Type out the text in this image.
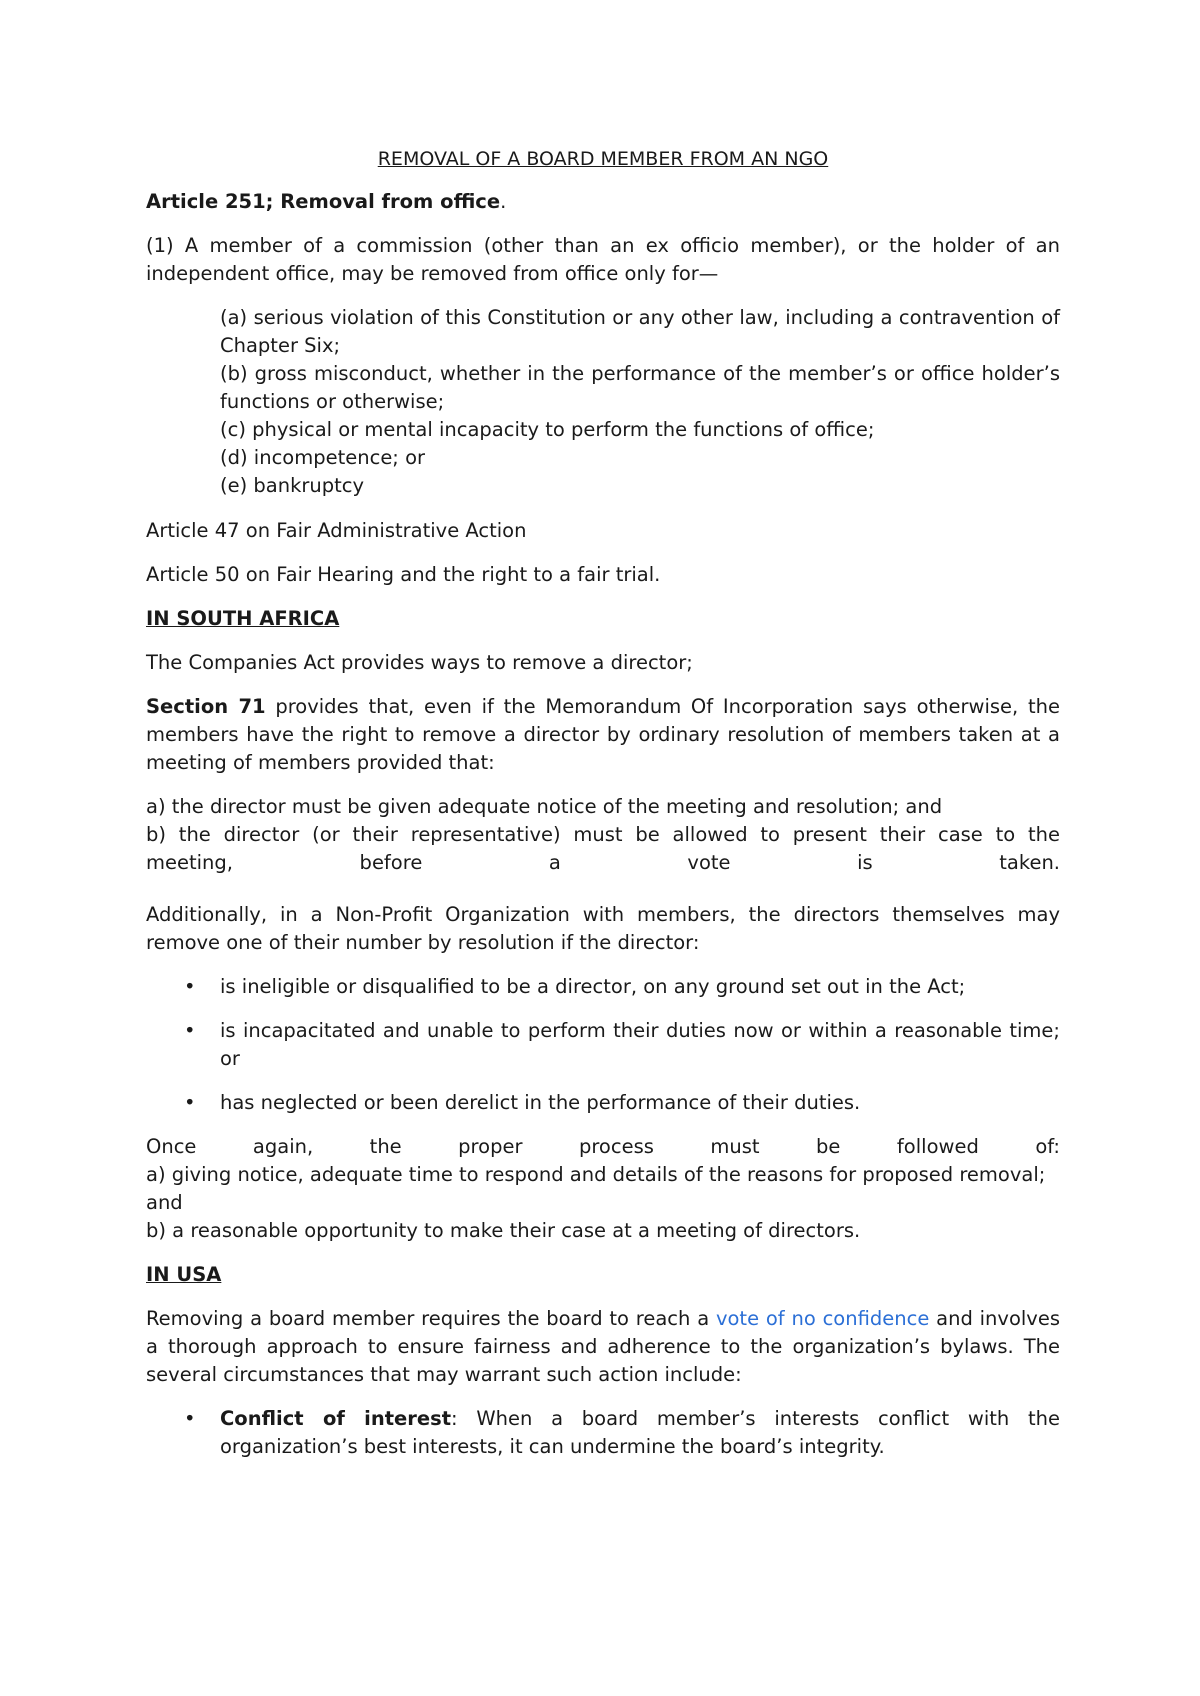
REMOVAL OF A BOARD MEMBER FROM AN NGO

Article 251; Removal from office.

(1) A member of a commission (other than an ex officio member), or the holder of an independent office, may be removed from office only for—

(a) serious violation of this Constitution or any other law, including a contravention of Chapter Six;
(b) gross misconduct, whether in the performance of the member’s or office holder’s functions or otherwise;
(c) physical or mental incapacity to perform the functions of office;
(d) incompetence; or
(e) bankruptcy

Article 47 on Fair Administrative Action

Article 50 on Fair Hearing and the right to a fair trial.

IN SOUTH AFRICA

The Companies Act provides ways to remove a director;

Section 71 provides that, even if the Memorandum Of Incorporation says otherwise, the members have the right to remove a director by ordinary resolution of members taken at a meeting of members provided that:

a) the director must be given adequate notice of the meeting and resolution; and
b) the director (or their representative) must be allowed to present their case to the

meeting, before a vote is taken.

Additionally, in a Non-Profit Organization with members, the directors themselves may remove one of their number by resolution if the director:

• is ineligible or disqualified to be a director, on any ground set out in the Act;
• is incapacitated and unable to perform their duties now or within a reasonable time; or
• has neglected or been derelict in the performance of their duties.
Once again, the proper process must be followed of:
a) giving notice, adequate time to respond and details of the reasons for proposed removal;
and

b) a reasonable opportunity to make their case at a meeting of directors.

IN USA

Removing a board member requires the board to reach a vote of no confidence and involves a thorough approach to ensure fairness and adherence to the organization’s bylaws. The several circumstances that may warrant such action include:

• Conflict of interest: When a board member’s interests conflict with the organization’s best interests, it can undermine the board’s integrity.
